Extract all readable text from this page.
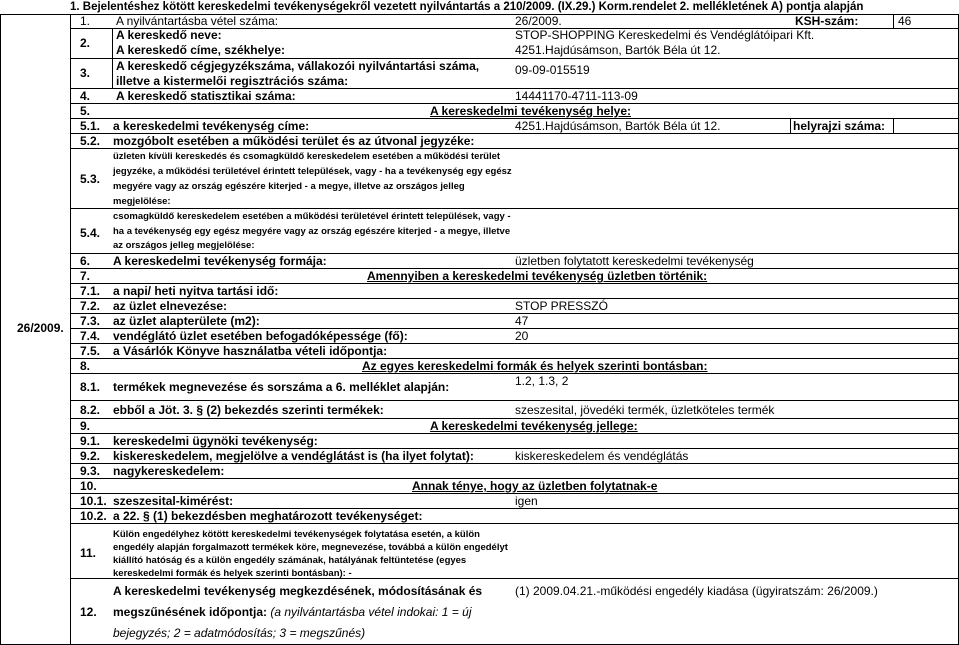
1. Bejelentéshez kötött kereskedelmi tevékenységekről vezetett nyilvántartás a 210/2009. (IX.29.) Korm.rendelet 2. mellékletének A) pontja alapján
26/2009.
1. A nyilvántartásba vétel száma:	26/2009.	KSH-szám:	46
2.
A kereskedő neve:	STOP-SHOPPING Kereskedelmi és Vendéglátóipari Kft.
A kereskedő címe, székhelye:	4251.Hajdúsámson, Bartók Béla út 12.
3. A kereskedő cégjegyzékszáma, vállakozói nyilvántartási száma,
illetve a kistermelői regisztrációs száma:
09-09-015519
4. A kereskedő statisztikai száma:	14441170-4711-113-09
5.	A kereskedelmi tevékenység helye:
5.1. a kereskedelmi tevékenység címe:	4251.Hajdúsámson, Bartók Béla út 12.	helyrajzi száma:
5.2. mozgóbolt esetében a működési terület és az útvonal jegyzéke:
5.3.
üzleten kívüli kereskedés és csomagküldő kereskedelem esetében a működési terület
jegyzéke, a működési területével érintett települések, vagy - ha a tevékenység egy egész
megyére vagy az ország egészére kiterjed - a megye, illetve az országos jelleg
megjelölése:
5.4.
csomagküldő kereskedelem esetében a működési területével érintett települések, vagy -
ha a tevékenység egy egész megyére vagy az ország egészére kiterjed - a megye, illetve
az országos jelleg megjelölése:
6. A kereskedelmi tevékenység formája:	üzletben folytatott kereskedelmi tevékenység
7.	Amennyiben a kereskedelmi tevékenység üzletben történik:
7.1. a napi/ heti nyitva tartási idő:
7.2. az üzlet elnevezése:	STOP PRESSZÓ
7.3. az üzlet alapterülete (m2):	47
7.4. vendéglátó üzlet esetében befogadóképessége (fő):	20
7.5. a Vásárlók Könyve használatba vételi időpontja:
8.	Az egyes kereskedelmi formák és helyek szerinti bontásban:
8.1. termékek megnevezése és sorszáma a 6. melléklet alapján:	1.2, 1.3, 2
8.2. ebből a Jöt. 3. § (2) bekezdés szerinti termékek:	szeszesital, jövedéki termék, üzletköteles termék
9.	A kereskedelmi tevékenység jellege:
9.1. kereskedelmi ügynöki tevékenység:
9.2. kiskereskedelem, megjelölve a vendéglátást is (ha ilyet folytat):	kiskereskedelem és vendéglátás
9.3. nagykereskedelem:
10.	Annak ténye, hogy az üzletben folytatnak-e
10.1. szeszesital-kimérést:	igen
10.2. a 22. § (1) bekezdésben meghatározott tevékenységet:
11.
Külön engedélyhez kötött kereskedelmi tevékenységek folytatása esetén, a külön
engedély alapján forgalmazott termékek köre, megnevezése, továbbá a külön engedélyt
kiállító hatóság és a külön engedély számának, hatályának feltüntetése (egyes
kereskedelmi formák és helyek szerinti bontásban): -
12.
A kereskedelmi tevékenység megkezdésének, módosításának és
megszűnésének időpontja: (a nyilvántartásba vétel indokai: 1 = új
bejegyzés; 2 = adatmódosítás; 3 = megszűnés)
(1) 2009.04.21.-működési engedély kiadása (ügyiratszám: 26/2009.)
